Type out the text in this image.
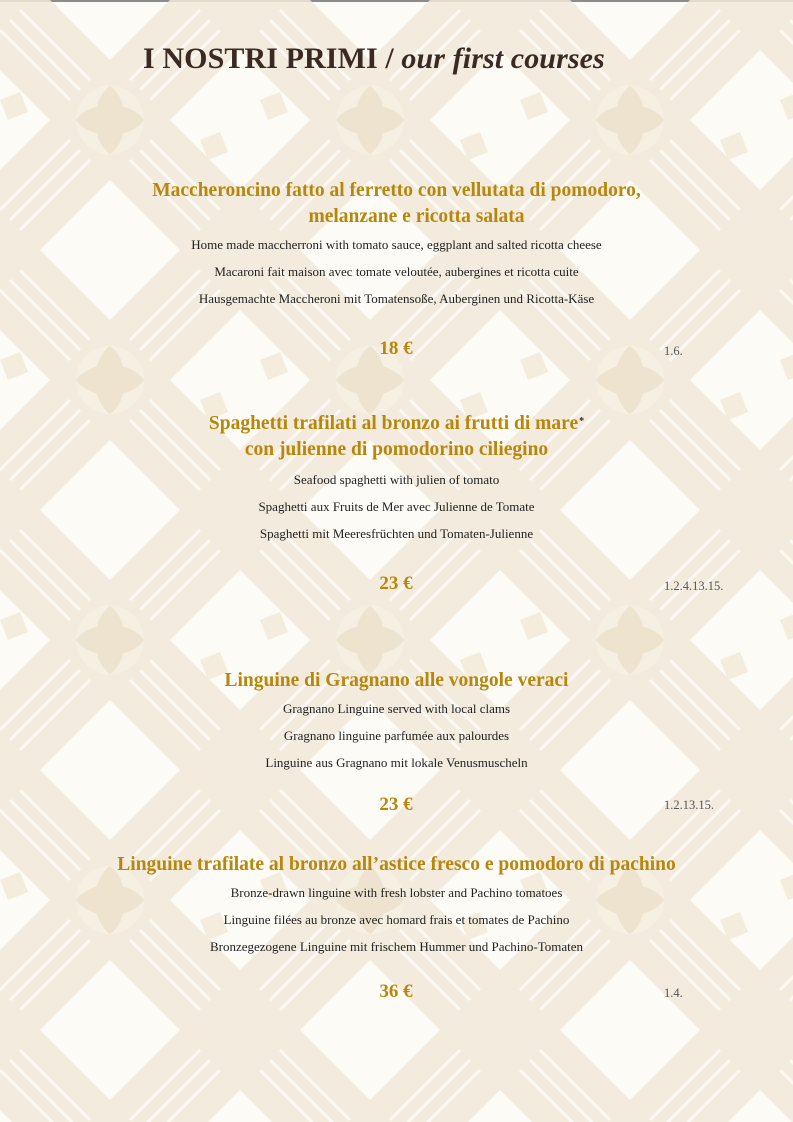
I NOSTRI PRIMI / our first courses
Maccheroncino fatto al ferretto con vellutata di pomodoro,
melanzane e ricotta salata

Home made maccherroni with tomato sauce, eggplant and salted ricotta cheese

Macaroni fait maison avec tomate veloutée, aubergines et ricotta cuite

Hausgemachte Maccheroni mit Tomatensoße, Auberginen und Ricotta-Käse

18 €	1.6.

Spaghetti trafilati al bronzo ai frutti di mare*
con julienne di pomodorino ciliegino

Seafood spaghetti with julien of tomato

Spaghetti aux Fruits de Mer avec Julienne de Tomate

Spaghetti mit Meeresfrüchten und Tomaten-Julienne

23 €	1.2.4.13.15.

Linguine di Gragnano alle vongole veraci

Gragnano Linguine served with local clams

Gragnano linguine parfumée aux palourdes

Linguine aus Gragnano mit lokale Venusmuscheln

23 €	1.2.13.15.

Linguine trafilate al bronzo all’astice fresco e pomodoro di pachino

Bronze-drawn linguine with fresh lobster and Pachino tomatoes

Linguine filées au bronze avec homard frais et tomates de Pachino

Bronzegezogene Linguine mit frischem Hummer und Pachino-Tomaten

36 €	1.4.
